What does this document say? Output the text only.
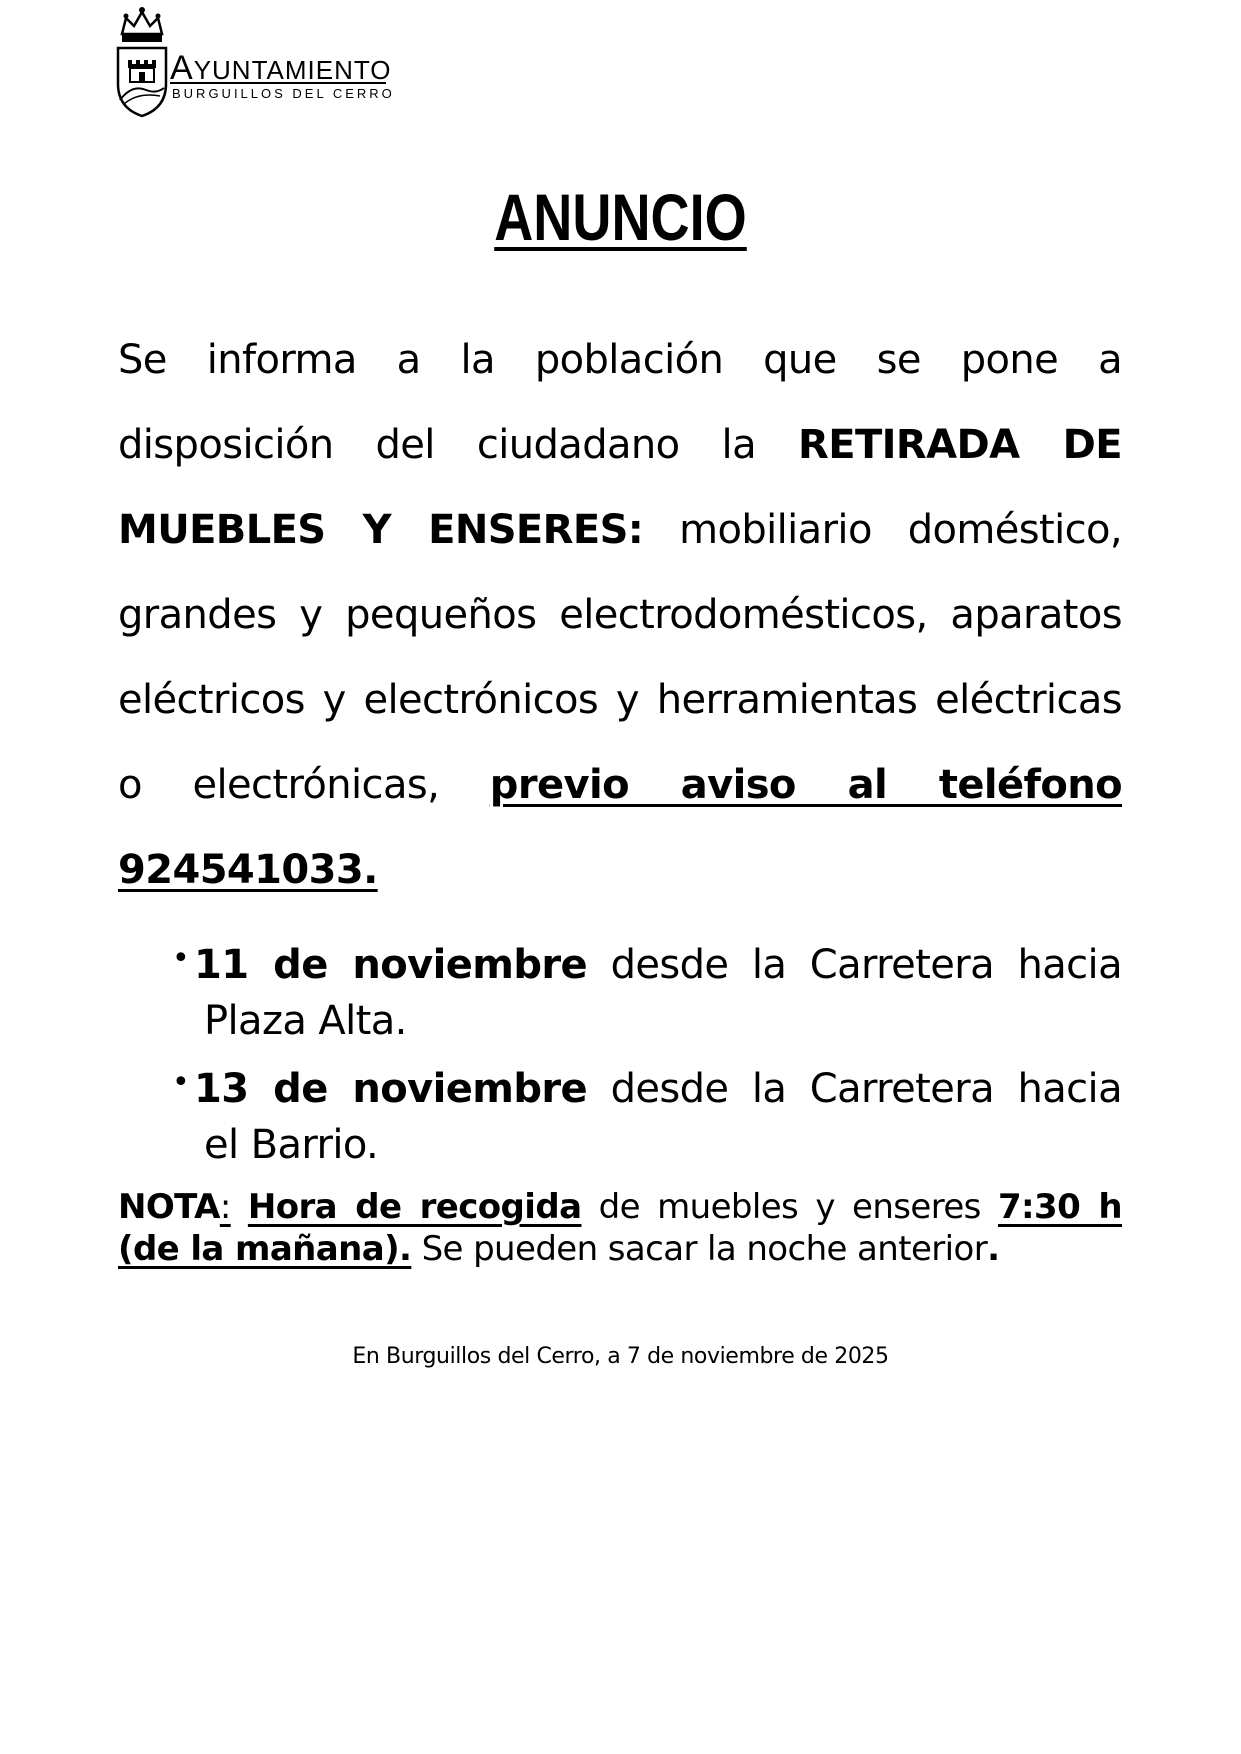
AYUNTAMIENTO
BURGUILLOS DEL CERRO
ANUNCIO
Se informa a la población que se pone a disposición del ciudadano la RETIRADA DE MUEBLES Y ENSERES: mobiliario doméstico, grandes y pequeños electrodomésticos, aparatos eléctricos y electrónicos y herramientas eléctricas o electrónicas, previo aviso al teléfono
924541033.
• 11 de noviembre desde la Carretera hacia
Plaza Alta.
• 13 de noviembre desde la Carretera hacia
el Barrio.
NOTA: Hora de recogida de muebles y enseres 7:30 h
(de la mañana). Se pueden sacar la noche anterior.
En Burguillos del Cerro, a 7 de noviembre de 2025
